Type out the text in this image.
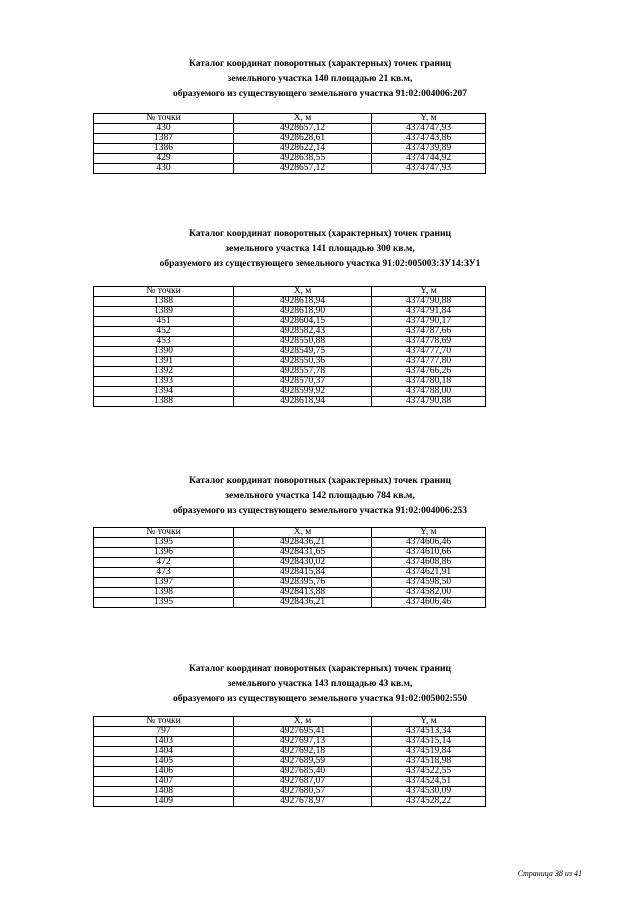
Каталог координат поворотных (характерных) точек границ
земельного участка 140 площадью 21 кв.м,
образуемого из существующего земельного участка 91:02:004006:207
№ точки	X, м	Y, м
430	4928657,12	4374747,93
1387	4928628,61	4374743,86
1386	4928622,14	4374739,89
429	4928638,55	4374744,92
430	4928657,12	4374747,93
Каталог координат поворотных (характерных) точек границ
земельного участка 141 площадью 300 кв.м,
образуемого из существующего земельного участка 91:02:005003:ЗУ14:ЗУ1
№ точки	X, м	Y, м
1388	4928618,94	4374790,88
1389	4928618,90	4374791,84
451	4928604,15	4374790,17
452	4928582,43	4374787,66
453	4928550,88	4374778,69
1390	4928549,75	4374777,70
1391	4928550,36	4374777,80
1392	4928557,78	4374766,26
1393	4928570,37	4374780,18
1394	4928599,92	4374788,00
1388	4928618,94	4374790,88
Каталог координат поворотных (характерных) точек границ
земельного участка 142 площадью 784 кв.м,
образуемого из существующего земельного участка 91:02:004006:253
№ точки	X, м	Y, м
1395	4928436,21	4374606,46
1396	4928431,65	4374610,66
472	4928430,02	4374608,86
473	4928415,84	4374621,91
1397	4928395,76	4374598,50
1398	4928413,88	4374582,00
1395	4928436,21	4374606,46
Каталог координат поворотных (характерных) точек границ
земельного участка 143 площадью 43 кв.м,
образуемого из существующего земельного участка 91:02:005002:550
№ точки	X, м	Y, м
797	4927695,41	4374513,34
1403	4927697,13	4374515,14
1404	4927692,18	4374519,84
1405	4927689,59	4374518,98
1406	4927685,40	4374522,55
1407	4927687,07	4374524,51
1408	4927680,57	4374530,09
1409	4927678,97	4374528,22
Страница 38 из 41
